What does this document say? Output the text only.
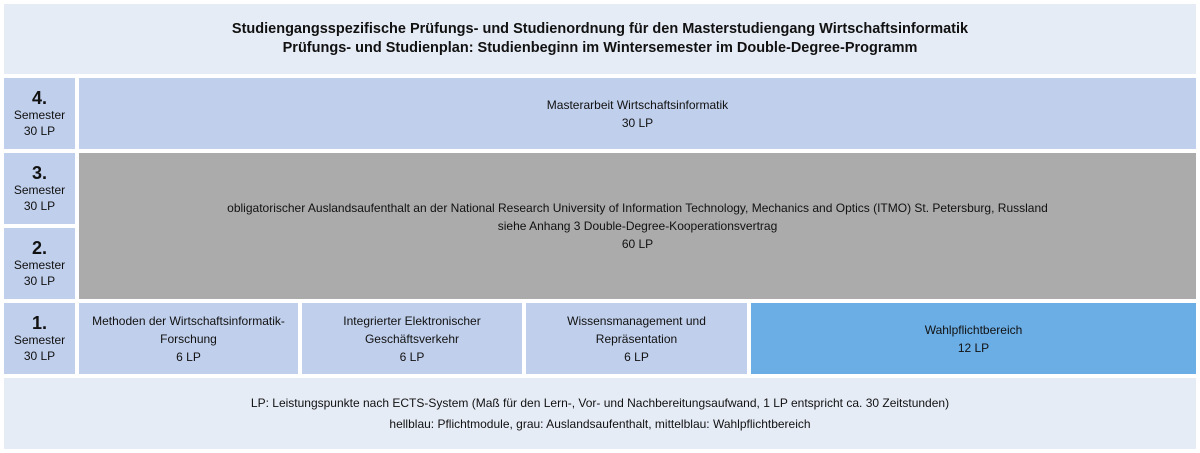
Studiengangsspezifische Prüfungs- und Studienordnung für den Masterstudiengang Wirtschaftsinformatik
Prüfungs- und Studienplan: Studienbeginn im Wintersemester im Double-Degree-Programm
4.
Semester
30 LP
Masterarbeit Wirtschaftsinformatik
30 LP
3.
Semester
30 LP
2.
Semester
30 LP
obligatorischer Auslandsaufenthalt an der National Research University of Information Technology, Mechanics and Optics (ITMO) St. Petersburg, Russland
siehe Anhang 3 Double-Degree-Kooperationsvertrag
60 LP
1.
Semester
30 LP
Methoden der Wirtschaftsinformatik-
Forschung
6 LP
Integrierter Elektronischer
Geschäftsverkehr
6 LP
Wissensmanagement und Repräsentation
6 LP
Wahlpflichtbereich
12 LP
LP: Leistungspunkte nach ECTS-System (Maß für den Lern-, Vor- und Nachbereitungsaufwand, 1 LP entspricht ca. 30 Zeitstunden)
hellblau: Pflichtmodule, grau: Auslandsaufenthalt, mittelblau: Wahlpflichtbereich
